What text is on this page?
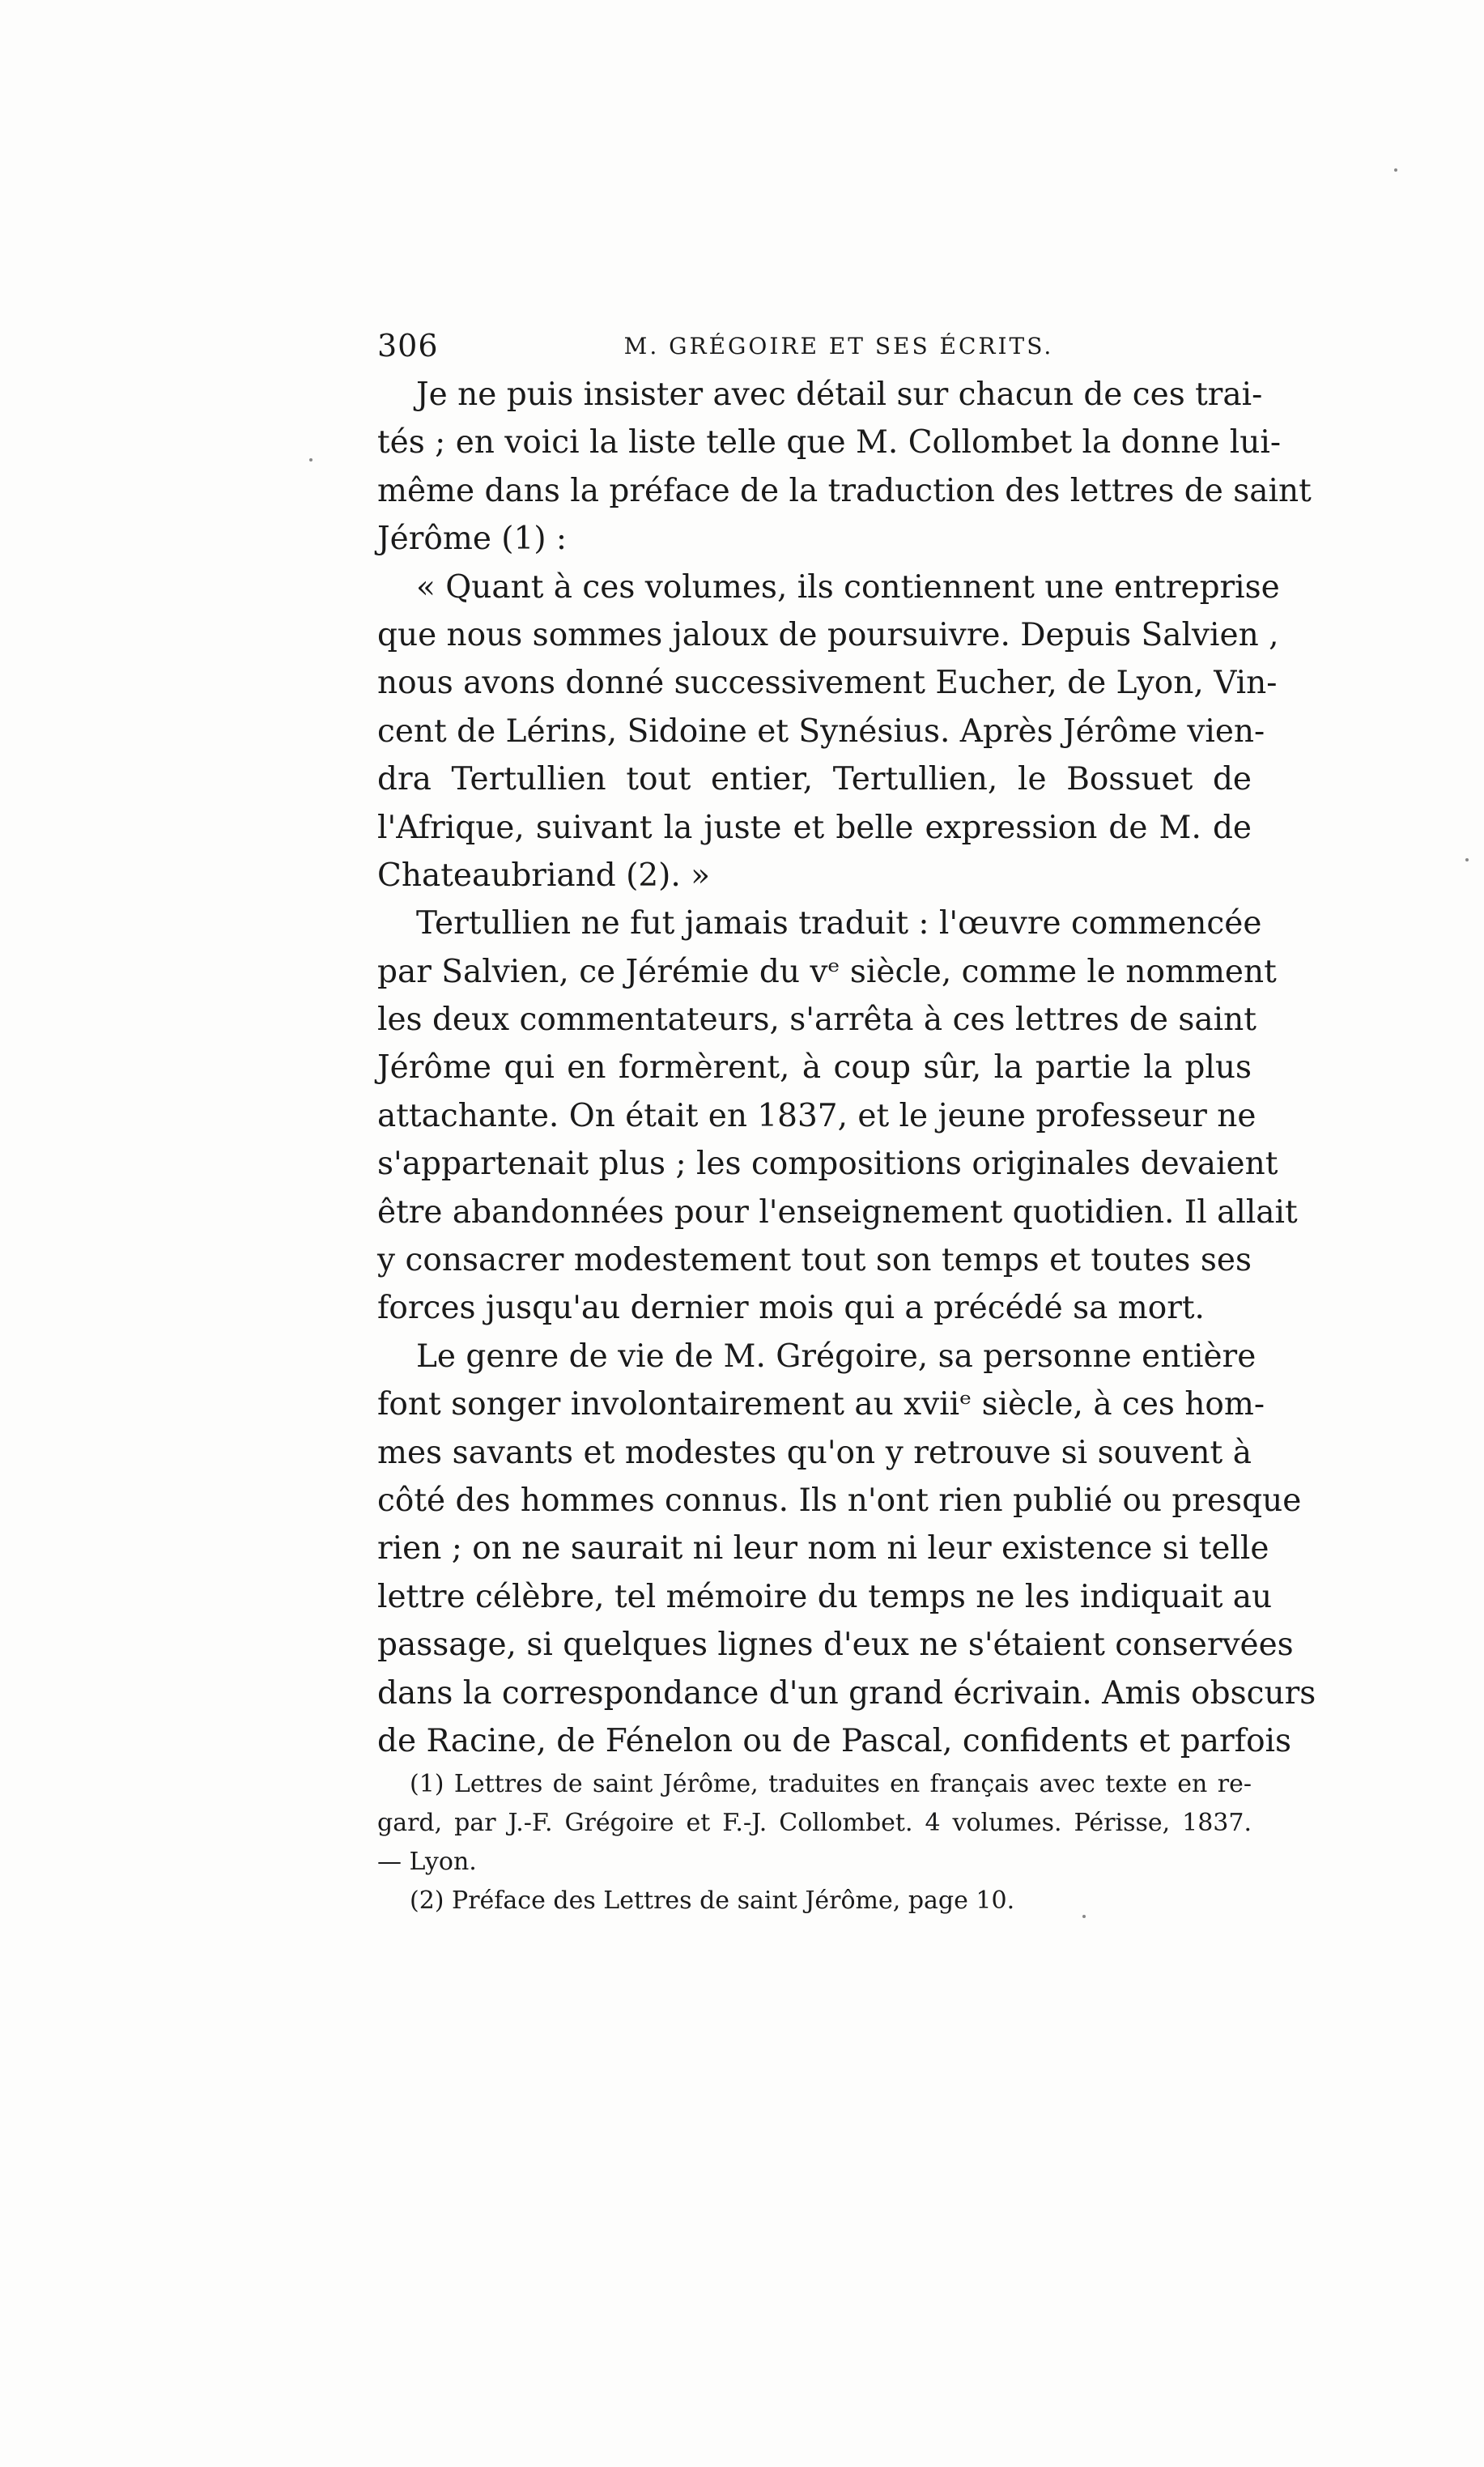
306	M. GRÉGOIRE ET SES ÉCRITS.
Je ne puis insister avec détail sur chacun de ces trai-
tés ; en voici la liste telle que M. Collombet la donne lui-
même dans la préface de la traduction des lettres de saint
Jérôme (1) :
« Quant à ces volumes, ils contiennent une entreprise
que nous sommes jaloux de poursuivre. Depuis Salvien ,
nous avons donné successivement Eucher, de Lyon, Vin-
cent de Lérins, Sidoine et Synésius. Après Jérôme vien-
dra Tertullien tout entier, Tertullien, le Bossuet de
l'Afrique, suivant la juste et belle expression de M. de
Chateaubriand (2). »
Tertullien ne fut jamais traduit : l'œuvre commencée
par Salvien, ce Jérémie du vᵉ siècle, comme le nomment
les deux commentateurs, s'arrêta à ces lettres de saint
Jérôme qui en formèrent, à coup sûr, la partie la plus
attachante. On était en 1837, et le jeune professeur ne
s'appartenait plus ; les compositions originales devaient
être abandonnées pour l'enseignement quotidien. Il allait
y consacrer modestement tout son temps et toutes ses
forces jusqu'au dernier mois qui a précédé sa mort.
Le genre de vie de M. Grégoire, sa personne entière
font songer involontairement au xviiᵉ siècle, à ces hom-
mes savants et modestes qu'on y retrouve si souvent à
côté des hommes connus. Ils n'ont rien publié ou presque
rien ; on ne saurait ni leur nom ni leur existence si telle
lettre célèbre, tel mémoire du temps ne les indiquait au
passage, si quelques lignes d'eux ne s'étaient conservées
dans la correspondance d'un grand écrivain. Amis obscurs
de Racine, de Fénelon ou de Pascal, confidents et parfois
(1) Lettres de saint Jérôme, traduites en français avec texte en re-
gard, par J.-F. Grégoire et F.-J. Collombet. 4 volumes. Périsse, 1837.
— Lyon.
(2) Préface des Lettres de saint Jérôme, page 10.
